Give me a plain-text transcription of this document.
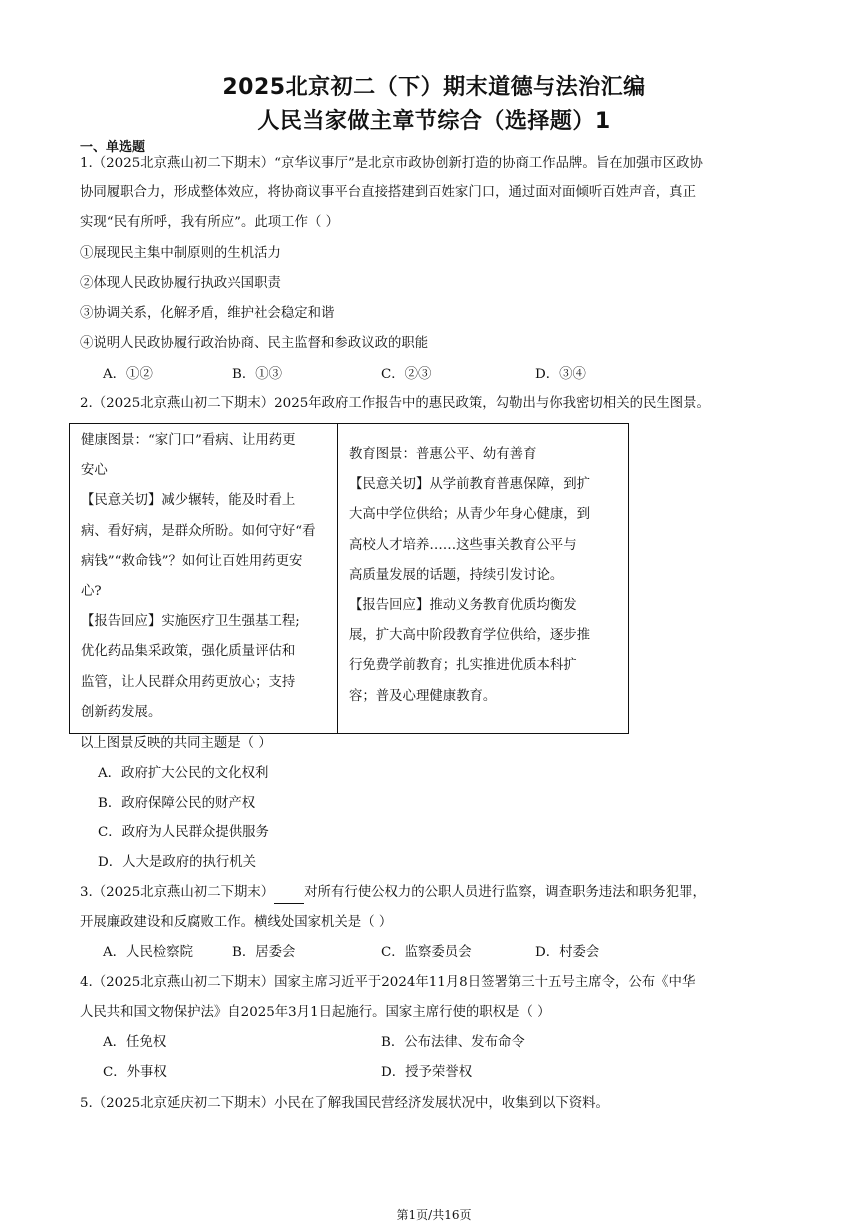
2025北京初二（下）期末道德与法治汇编
人民当家做主章节综合（选择题）1
一、单选题
1.（2025北京燕山初二下期末）“京华议事厅”是北京市政协创新打造的协商工作品牌。旨在加强市区政协
协同履职合力，形成整体效应，将协商议事平台直接搭建到百姓家门口，通过面对面倾听百姓声音，真正
实现“民有所呼，我有所应”。此项工作（ ）
①展现民主集中制原则的生机活力
②体现人民政协履行执政兴国职责
③协调关系，化解矛盾，维护社会稳定和谐
④说明人民政协履行政治协商、民主监督和参政议政的职能
A．①②	B．①③	C．②③	D．③④
2.（2025北京燕山初二下期末）2025年政府工作报告中的惠民政策，勾勒出与你我密切相关的民生图景。

健康图景：“家门口”看病、让用药更

安心

【民意关切】减少辗转，能及时看上

病、看好病，是群众所盼。如何守好“看

病钱”“救命钱”？如何让百姓用药更安

心?

【报告回应】实施医疗卫生强基工程;

优化药品集采政策，强化质量评估和

监管，让人民群众用药更放心；支持

创新药发展。

教育图景：普惠公平、幼有善育

【民意关切】从学前教育普惠保障，到扩

大高中学位供给；从青少年身心健康，到

高校人才培养……这些事关教育公平与

高质量发展的话题，持续引发讨论。

【报告回应】推动义务教育优质均衡发

展，扩大高中阶段教育学位供给，逐步推

行免费学前教育；扎实推进优质本科扩

容；普及心理健康教育。

以上图景反映的共同主题是（ ）
A．政府扩大公民的文化权利
B．政府保障公民的财产权
C．政府为人民群众提供服务
D．人大是政府的执行机关
3.（2025北京燕山初二下期末） 对所有行使公权力的公职人员进行监察，调查职务违法和职务犯罪，
开展廉政建设和反腐败工作。横线处国家机关是（ ）
A．人民检察院	B．居委会	C．监察委员会	D．村委会
4.（2025北京燕山初二下期末）国家主席习近平于2024年11月8日签署第三十五号主席令，公布《中华
人民共和国文物保护法》自2025年3月1日起施行。国家主席行使的职权是（ ）
A．任免权	B．公布法律、发布命令
C．外事权	D．授予荣誉权
5.（2025北京延庆初二下期末）小民在了解我国民营经济发展状况中，收集到以下资料。
第1页/共16页
